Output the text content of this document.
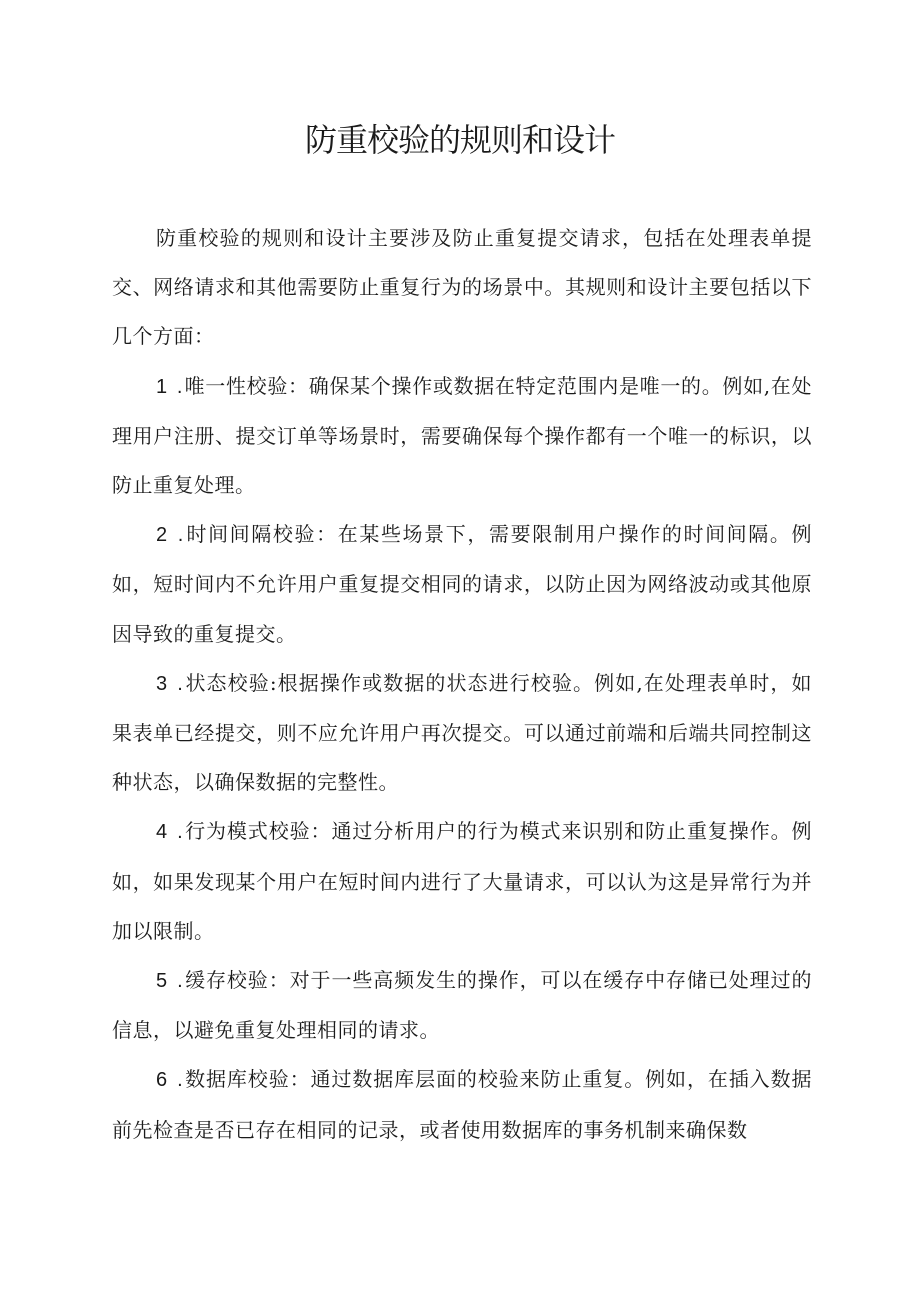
防重校验的规则和设计

防重校验的规则和设计主要涉及防止重复提交请求，包括在处理表单提交、网络请求和其他需要防止重复行为的场景中。其规则和设计主要包括以下几个方面：

1 .唯一性校验：确保某个操作或数据在特定范围内是唯一的。例如,在处理用户注册、提交订单等场景时，需要确保每个操作都有一个唯一的标识，以防止重复处理。

2 .时间间隔校验：在某些场景下，需要限制用户操作的时间间隔。例如，短时间内不允许用户重复提交相同的请求，以防止因为网络波动或其他原因导致的重复提交。

3 .状态校验:根据操作或数据的状态进行校验。例如,在处理表单时，如果表单已经提交，则不应允许用户再次提交。可以通过前端和后端共同控制这种状态，以确保数据的完整性。

4 .行为模式校验：通过分析用户的行为模式来识别和防止重复操作。例如，如果发现某个用户在短时间内进行了大量请求，可以认为这是异常行为并加以限制。

5 .缓存校验：对于一些高频发生的操作，可以在缓存中存储已处理过的信息，以避免重复处理相同的请求。

6 .数据库校验：通过数据库层面的校验来防止重复。例如，在插入数据前先检查是否已存在相同的记录，或者使用数据库的事务机制来确保数
